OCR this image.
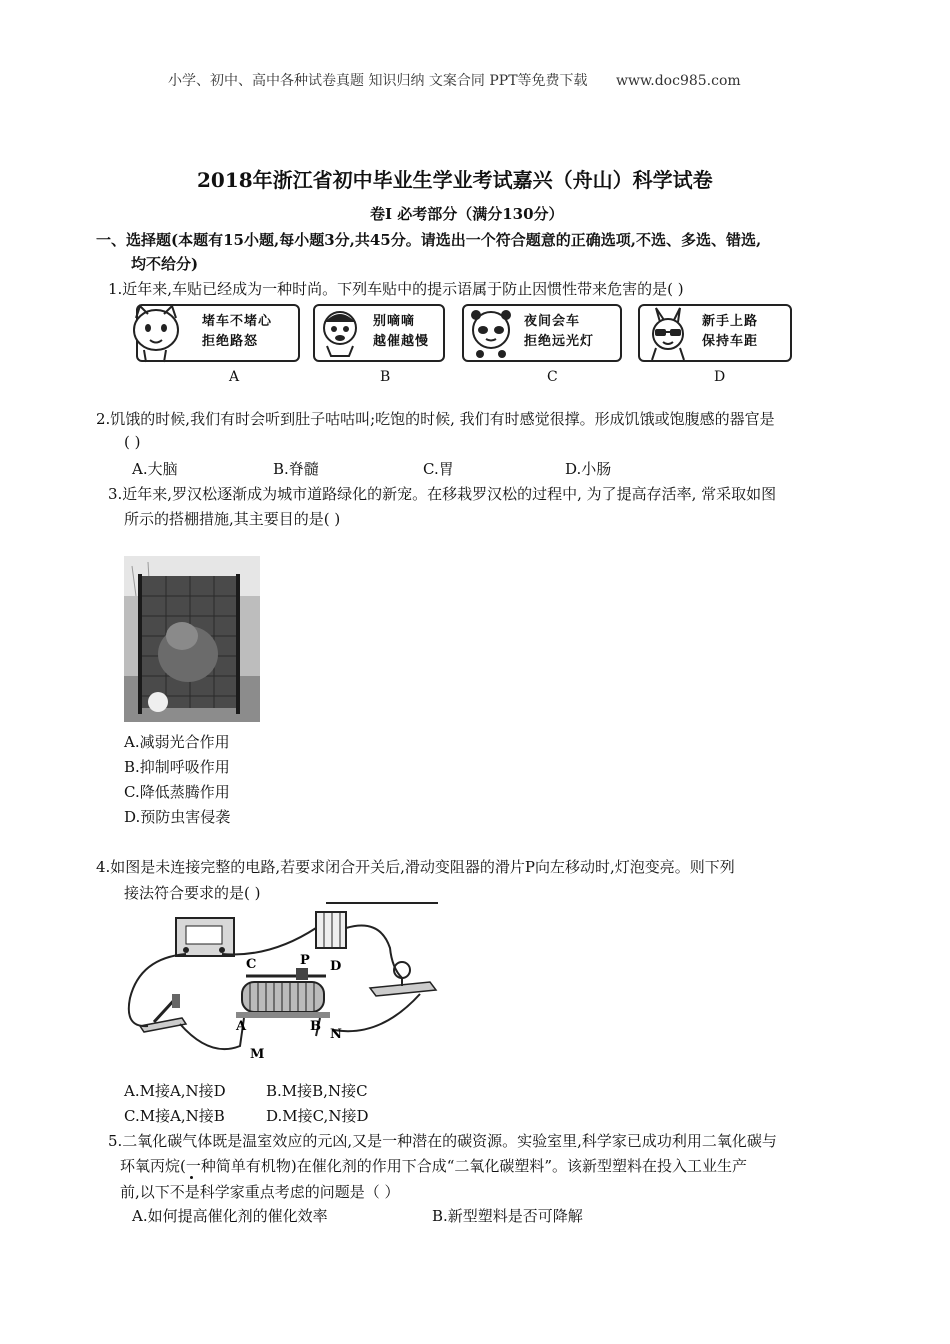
小学、初中、高中各种试卷真题 知识归纳 文案合同 PPT等免费下载 www.doc985.com
2018年浙江省初中毕业生学业考试嘉兴（舟山）科学试卷
卷Ⅰ 必考部分（满分130分）
一、选择题(本题有15小题,每小题3分,共45分。请选出一个符合题意的正确选项,不选、多选、错选,
均不给分)
1.近年来,车贴已经成为一种时尚。下列车贴中的提示语属于防止因惯性带来危害的是( )
堵车不堵心
拒绝路怒
别嘀嘀
越催越慢
夜间会车
拒绝远光灯
新手上路
保持车距
A	B	C	D
2.饥饿的时候,我们有时会听到肚子咕咕叫;吃饱的时候, 我们有时感觉很撑。形成饥饿或饱腹感的器官是
( )
A.大脑	B.脊髓	C.胃	D.小肠
3.近年来,罗汉松逐渐成为城市道路绿化的新宠。在移栽罗汉松的过程中, 为了提高存活率, 常采取如图
所示的搭棚措施,其主要目的是( )
A.减弱光合作用
B.抑制呼吸作用
C.降低蒸腾作用
D.预防虫害侵袭
4.如图是未连接完整的电路,若要求闭合开关后,滑动变阻器的滑片P向左移动时,灯泡变亮。则下列
接法符合要求的是( )
C	P D
A	B
M
N
A.M接A,N接D	B.M接B,N接C
C.M接A,N接B	D.M接C,N接D
5.二氧化碳气体既是温室效应的元凶,又是一种潜在的碳资源。实验室里,科学家已成功利用二氧化碳与
环氧丙烷(一种简单有机物)在催化剂的作用下合成“二氧化碳塑料”。该新型塑料在投入工业生产
前,以下不是科学家重点考虑的问题是（ ）
A.如何提高催化剂的催化效率	B.新型塑料是否可降解
